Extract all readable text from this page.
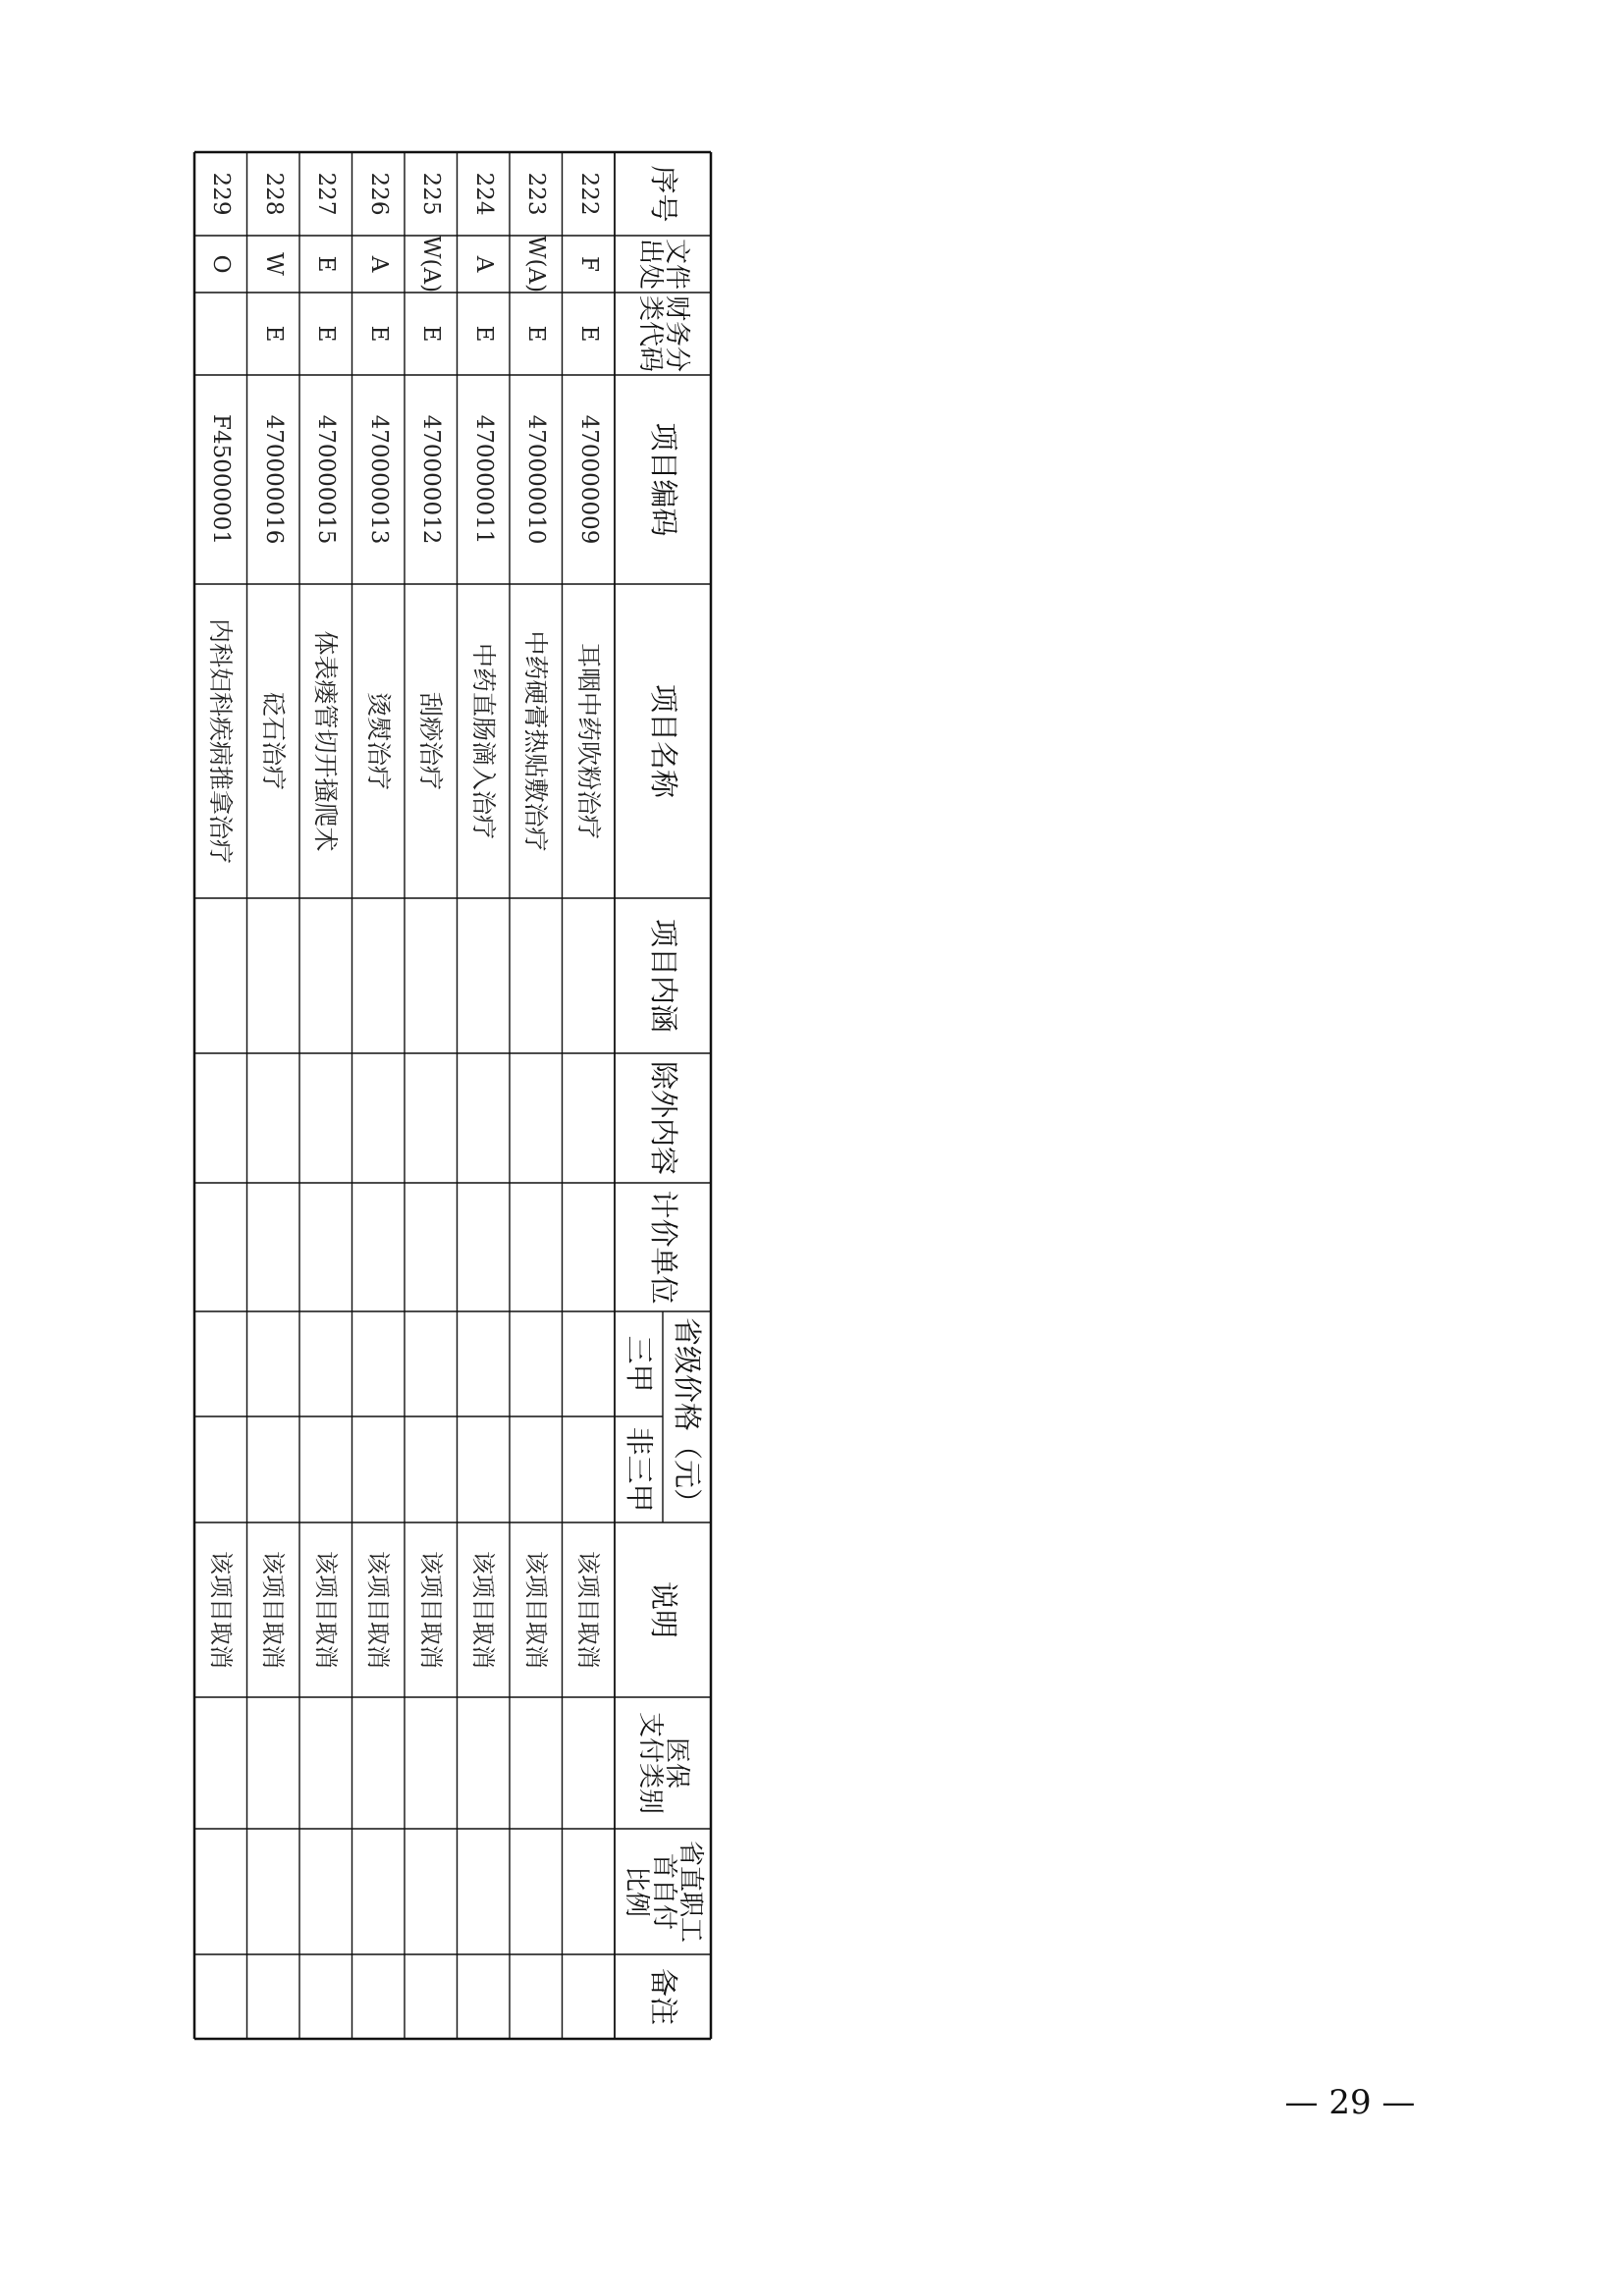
序号
文件
出处
财务分
类代码
项目编码
项目名称
项目内涵
除外内容
计价单位
说明
医保
支付类别
省直职工
首自付
比例
备注
省级价格（元）
三甲
非三甲
222
F
E
470000009
耳咽中药吹粉治疗
该项目取消
223
W(A)
E
470000010
中药硬膏热贴敷治疗
该项目取消
224
A
E
470000011
中药直肠滴入治疗
该项目取消
225
W(A)
E
470000012
刮痧治疗
该项目取消
226
A
E
470000013
烫熨治疗
该项目取消
227
E
E
470000015
体表瘘管切开搔爬术
该项目取消
228
W
E
470000016
砭石治疗
该项目取消
229
O
F45000001
内科妇科疾病推拿治疗
该项目取消
— 29 —
